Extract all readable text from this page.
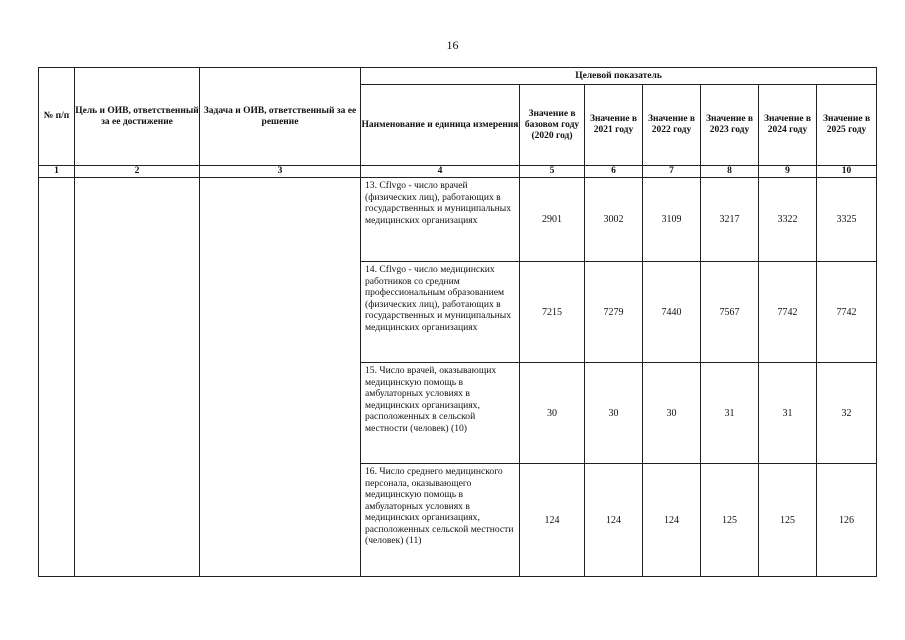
16
№ п/п	Цель и ОИВ, ответственный за ее достижение	Задача и ОИВ, ответственный за ее решение	Целевой показатель						
			Наименование и единица измерения	Значение в базовом году (2020 год)	Значение в 2021 году	Значение в 2022 году	Значение в 2023 году	Значение в 2024 году	Значение в 2025 году
1	2	3	4	5	6	7	8	9	10
			13. Cflvgo - число врачей (физических лиц), работающих в государственных и муниципальных медицинских организациях	2901	3002	3109	3217	3322	3325
			14. Cflvgo - число медицинских работников со средним профессиональным образованием (физических лиц), работающих в государственных и муниципальных медицинских организациях	7215	7279	7440	7567	7742	7742
			15. Число врачей, оказывающих медицинскую помощь в амбулаторных условиях в медицинских организациях, расположенных в сельской местности (человек) (10)	30	30	30	31	31	32
			16. Число среднего медицинского персонала, оказывающего медицинскую помощь в амбулаторных условиях в медицинских организациях, расположенных сельской местности (человек) (11)	124	124	124	125	125	126
